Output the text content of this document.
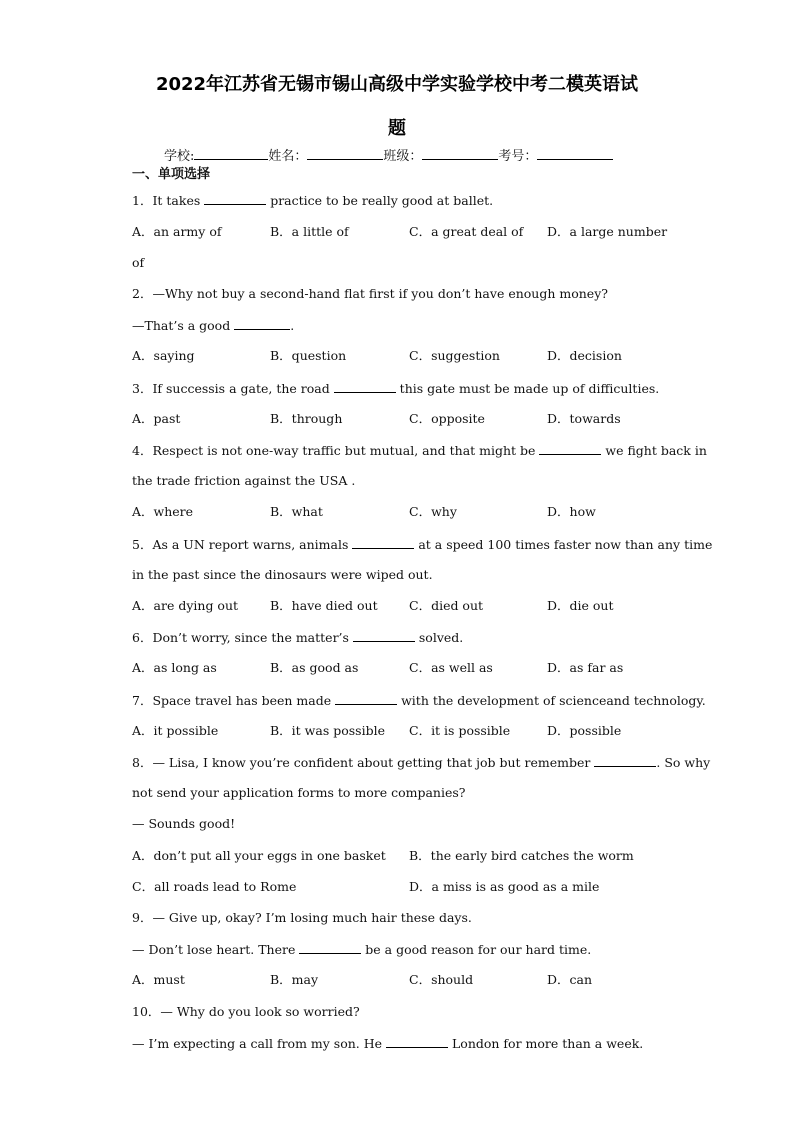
2022年江苏省无锡市锡山高级中学实验学校中考二模英语试
题
学校:	姓名：	班级：	考号：
一、单项选择
1．It takes	practice to be really good at ballet.
A．an army of	B．a little of	C．a great deal of D．a large number
of
2．—Why not buy a second-hand flat first if you don’t have enough money?
—That’s a good	.
A．saying	B．question	C．suggestion	D．decision
3．If successis a gate, the road	this gate must be made up of difficulties.
A．past	B．through	C．opposite	D．towards
4．Respect is not one-way traffic but mutual, and that might be	we fight back in
the trade friction against the USA .
A．where	B．what	C．why	D．how
5．As a UN report warns, animals	at a speed 100 times faster now than any time
in the past since the dinosaurs were wiped out.
A．are dying out	B．have died out	C．died out	D．die out
6．Don’t worry, since the matter’s	solved.
A．as long as	B．as good as	C．as well as	D．as far as
7．Space travel has been made	with the development of scienceand technology.
A．it possible	B．it was possible C．it is possible	D．possible
8．— Lisa, I know you’re confident about getting that job but remember	. So why
not send your application forms to more companies?
— Sounds good!
A．don’t put all your eggs in one basket B．the early bird catches the worm
C．all roads lead to Rome	D．a miss is as good as a mile
9．— Give up, okay? I’m losing much hair these days.
— Don’t lose heart. There	be a good reason for our hard time.
A．must	B．may	C．should	D．can
10．— Why do you look so worried?
— I’m expecting a call from my son. He	London for more than a week.
